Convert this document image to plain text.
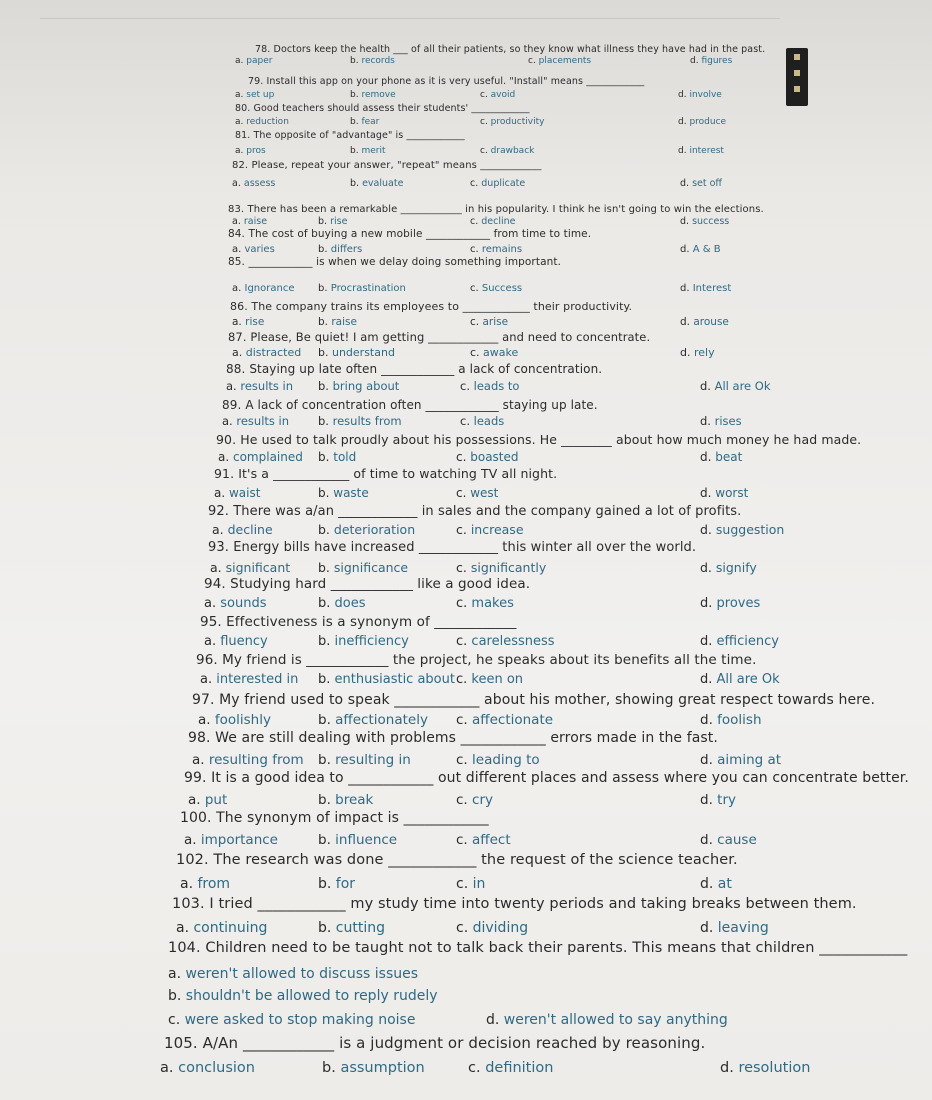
78. Doctors keep the health ___ of all their patients, so they know what illness they have had in the past.
a. paper	b. records	c. placements	d. figures
79. Install this app on your phone as it is very useful. "Install" means ____________
a. set up	b. remove	c. avoid	d. involve
80. Good teachers should assess their students' ____________
a. reduction	b. fear	c. productivity	d. produce
81. The opposite of "advantage" is ____________
a. pros	b. merit	c. drawback	d. interest
82. Please, repeat your answer, "repeat" means ____________
a. assess	b. evaluate	c. duplicate	d. set off
83. There has been a remarkable ____________ in his popularity. I think he isn't going to win the elections.
a. raise	b. rise	c. decline	d. success
84. The cost of buying a new mobile ____________ from time to time.
a. varies	b. differs	c. remains	d. A & B
85. ____________ is when we delay doing something important.
a. Ignorance b. Procrastination	c. Success	d. Interest
86. The company trains its employees to ____________ their productivity.
a. rise	b. raise	c. arise	d. arouse
87. Please, Be quiet! I am getting ____________ and need to concentrate.
a. distracted b. understand	c. awake	d. rely
88. Staying up late often ____________ a lack of concentration.
a. results in b. bring about	c. leads to	d. All are Ok
89. A lack of concentration often ____________ staying up late.
a. results in	b. results from	c. leads	d. rises
90. He used to talk proudly about his possessions. He ________ about how much money he had made.
a. complained b. told	c. boasted	d. beat
91. It's a ____________ of time to watching TV all night.
a. waist	b. waste	c. west	d. worst
92. There was a/an ____________ in sales and the company gained a lot of profits.
a. decline	b. deterioration	c. increase	d. suggestion
93. Energy bills have increased ____________ this winter all over the world.
a. significant b. significance	c. significantly	d. signify
94. Studying hard ____________ like a good idea.
a. sounds	b. does	c. makes	d. proves
95. Effectiveness is a synonym of ____________
a. fluency	b. inefficiency	c. carelessness	d. efficiency
96. My friend is ____________ the project, he speaks about its benefits all the time.
a. interested in b. enthusiastic about c. keen on	d. All are Ok
97. My friend used to speak ____________ about his mother, showing great respect towards here.
a. foolishly	b. affectionately c. affectionate	d. foolish
98. We are still dealing with problems ____________ errors made in the fast.
a. resulting from b. resulting in	c. leading to	d. aiming at
99. It is a good idea to ____________ out different places and assess where you can concentrate better.
a. put	b. break	c. cry	d. try
100. The synonym of impact is ____________
a. importance	b. influence	c. affect	d. cause
102. The research was done ____________ the request of the science teacher.
a. from	b. for	c. in	d. at
103. I tried ____________ my study time into twenty periods and taking breaks between them.
a. continuing	b. cutting	c. dividing	d. leaving
104. Children need to be taught not to talk back their parents. This means that children ____________
a. weren't allowed to discuss issues
b. shouldn't be allowed to reply rudely
c. were asked to stop making noise	d. weren't allowed to say anything
105. A/An ____________ is a judgment or decision reached by reasoning.
a. conclusion	b. assumption	c. definition	d. resolution
